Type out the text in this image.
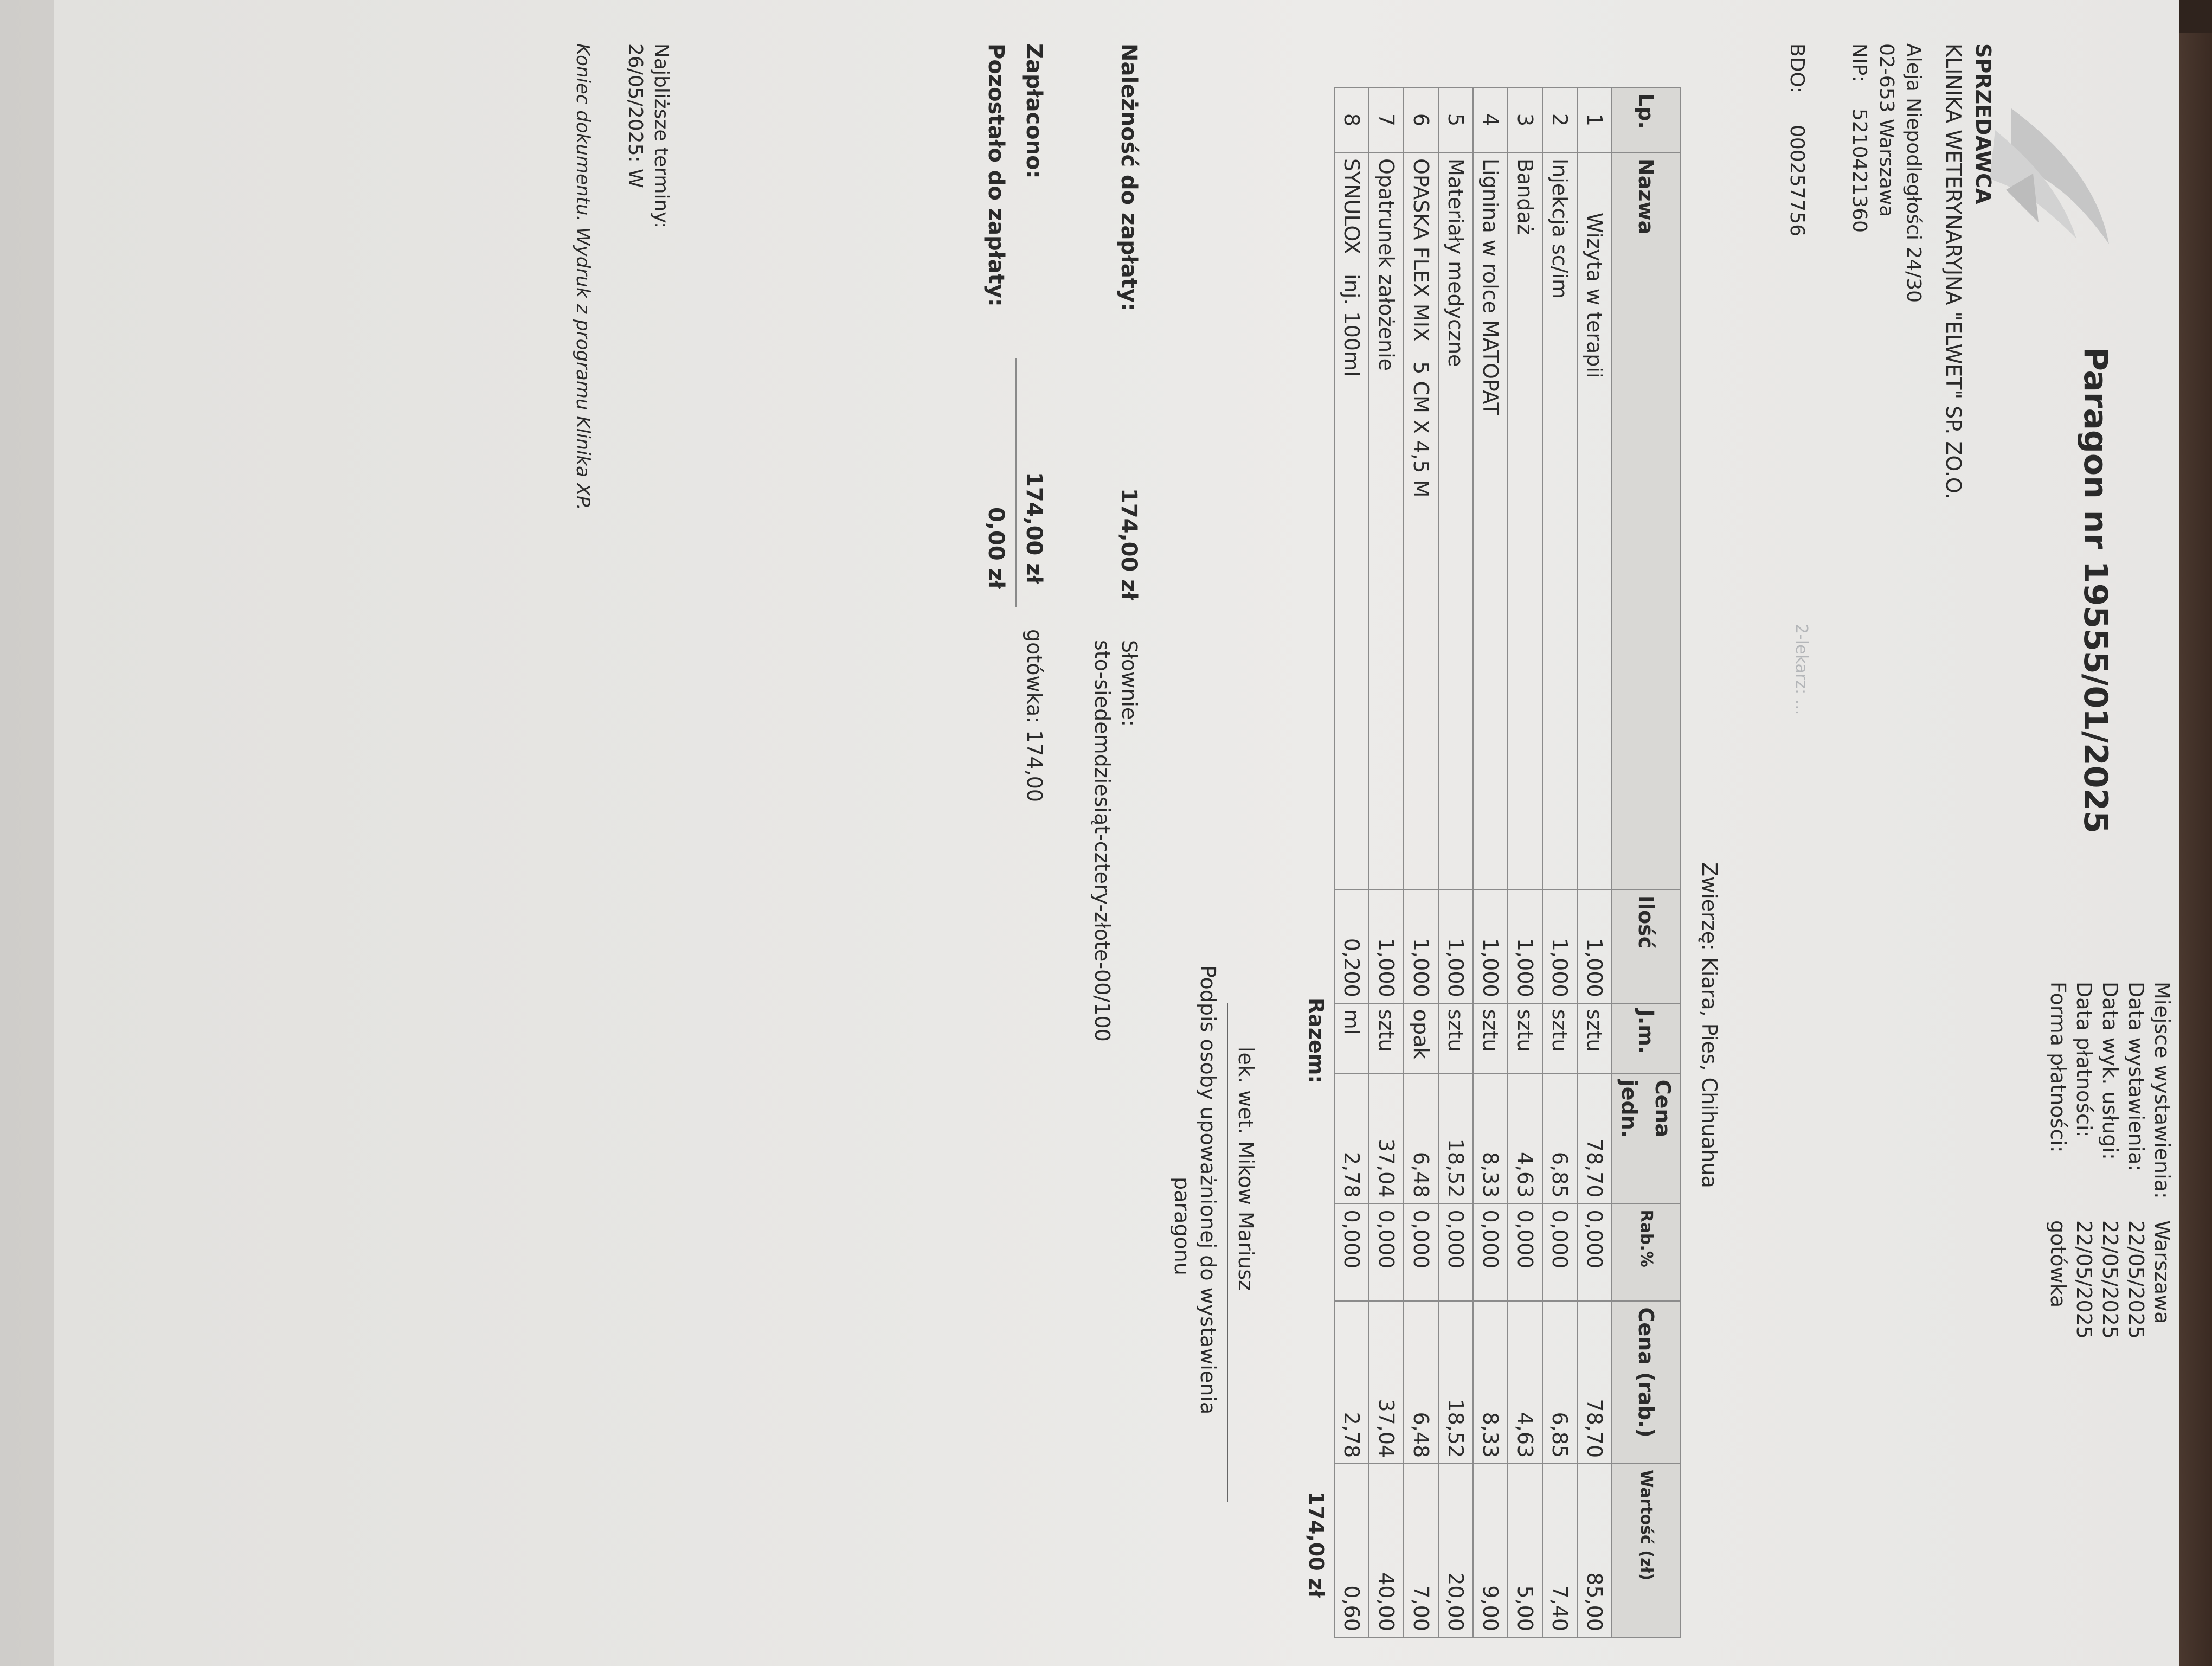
Paragon nr 19555/01/2025
Miejsce wystawienia:
Warszawa
Data wystawienia:
22/05/2025
Data wyk. usługi:
22/05/2025
Data płatności:
22/05/2025
Forma płatności:
gotówka
SPRZEDAWCA
KLINIKA WETERYNARYJNA "ELWET" SP. ZO.O.
Aleja Niepodległości 24/30
02-653 Warszawa
NIP:
5210421360
BDO:
000257756
2-lekarz: ...
Zwierzę: Kiara, Pies, Chihuahua
Lp.	Nazwa	Ilość	J.m.	Cena jedn.	Rab.%	Cena (rab.)	Wartość (zł)
1	Wizyta w terapii	1,000	sztu	78,70	0,000	78,70	85,00
2	Injekcja sc/im	1,000	sztu	6,85	0,000	6,85	7,40
3	Bandaż	1,000	sztu	4,63	0,000	4,63	5,00
4	Lignina w rolce MATOPAT	1,000	sztu	8,33	0,000	8,33	9,00
5	Materiały medyczne	1,000	sztu	18,52	0,000	18,52	20,00
6	OPASKA FLEX MIX   5 CM X 4,5 M	1,000	opak	6,48	0,000	6,48	7,00
7	Opatrunek założenie	1,000	sztu	37,04	0,000	37,04	40,00
8	SYNULOX   inj. 100ml	0,200	ml	2,78	0,000	2,78	0,60
Razem:
174,00 zł
lek. wet. Mikow Mariusz
Podpis osoby upoważnionej do wystawienia
paragonu
Należność do zapłaty:
174,00 zł
Słownie:
sto-siedemdziesiąt-cztery-złote-00/100
Zapłacono:
174,00 zł
gotówka: 174,00
Pozostało do zapłaty:
0,00 zł
Najbliższe terminy:
26/05/2025: W
Koniec dokumentu. Wydruk z programu Klinika XP.
